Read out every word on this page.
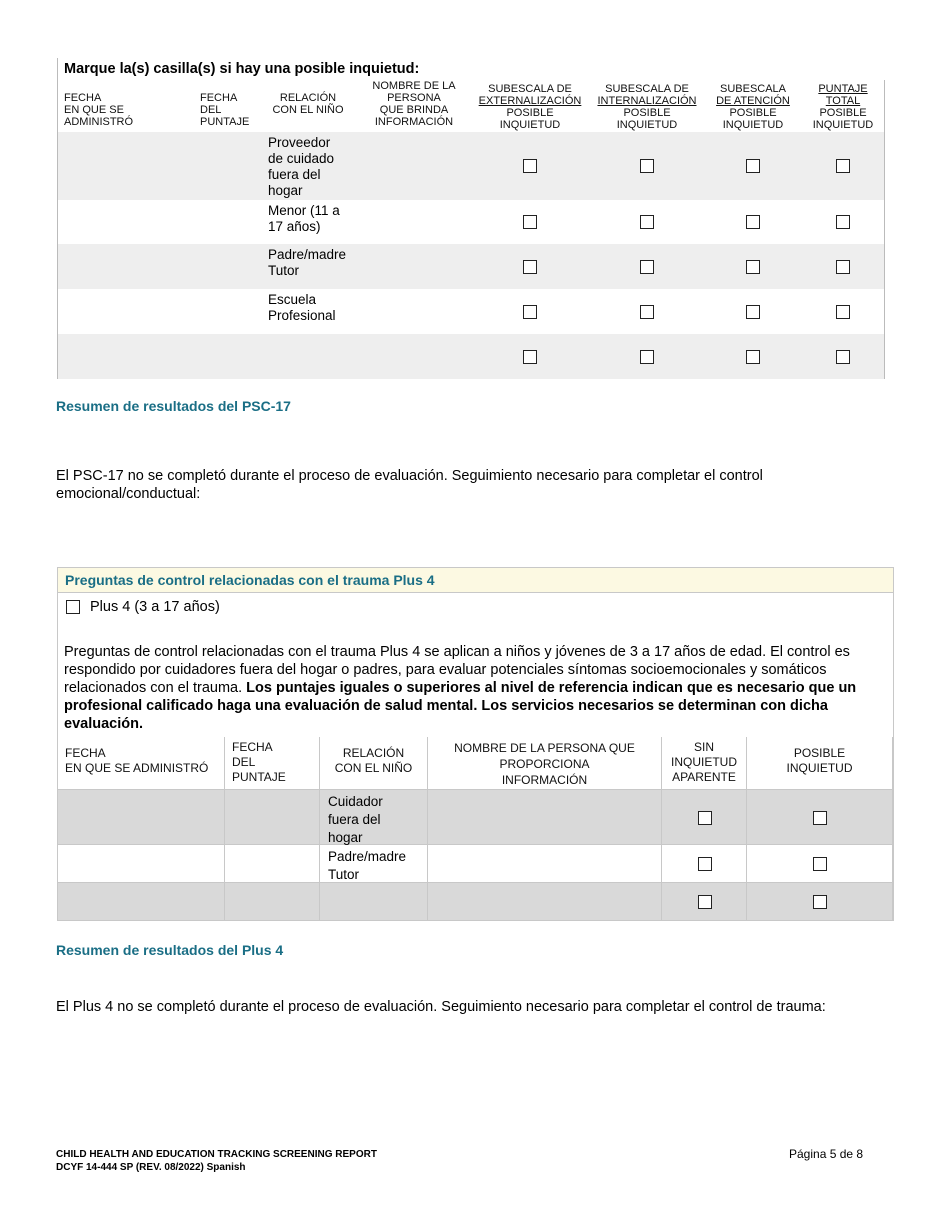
Marque la(s) casilla(s) si hay una posible inquietud:
FECHA
EN QUE SE
ADMINISTRÓ
FECHA
DEL
PUNTAJE
RELACIÓN
CON EL NIÑO
NOMBRE DE LA
PERSONA
QUE BRINDA
INFORMACIÓN
SUBESCALA DE
EXTERNALIZACIÓN
POSIBLE
INQUIETUD
SUBESCALA DE
INTERNALIZACIÓN
POSIBLE
INQUIETUD
SUBESCALA
DE ATENCIÓN
POSIBLE
INQUIETUD
PUNTAJE
TOTAL
POSIBLE
INQUIETUD
Proveedor
de cuidado
fuera del
hogar
Menor (11 a
17 años)
Padre/madre
Tutor
Escuela
Profesional
Resumen de resultados del PSC-17
El PSC-17 no se completó durante el proceso de evaluación. Seguimiento necesario para completar el control emocional/conductual:
Preguntas de control relacionadas con el trauma Plus 4
Plus 4 (3 a 17 años)
Preguntas de control relacionadas con el trauma Plus 4 se aplican a niños y jóvenes de 3 a 17 años de edad. El control es respondido por cuidadores fuera del hogar o padres, para evaluar potenciales síntomas socioemocionales y somáticos relacionados con el trauma. Los puntajes iguales o superiores al nivel de referencia indican que es necesario que un profesional calificado haga una evaluación de salud mental. Los servicios necesarios se determinan con dicha evaluación.
FECHA
EN QUE SE ADMINISTRÓ
FECHA
DEL
PUNTAJE
RELACIÓN
CON EL NIÑO
NOMBRE DE LA PERSONA QUE
PROPORCIONA
INFORMACIÓN
SIN
INQUIETUD
APARENTE
POSIBLE
INQUIETUD
Cuidador
fuera del
hogar
Padre/madre
Tutor
Resumen de resultados del Plus 4
El Plus 4 no se completó durante el proceso de evaluación. Seguimiento necesario para completar el control de trauma:
CHILD HEALTH AND EDUCATION TRACKING SCREENING REPORT
DCYF 14-444 SP (REV. 08/2022) Spanish
Página 5 de 8
